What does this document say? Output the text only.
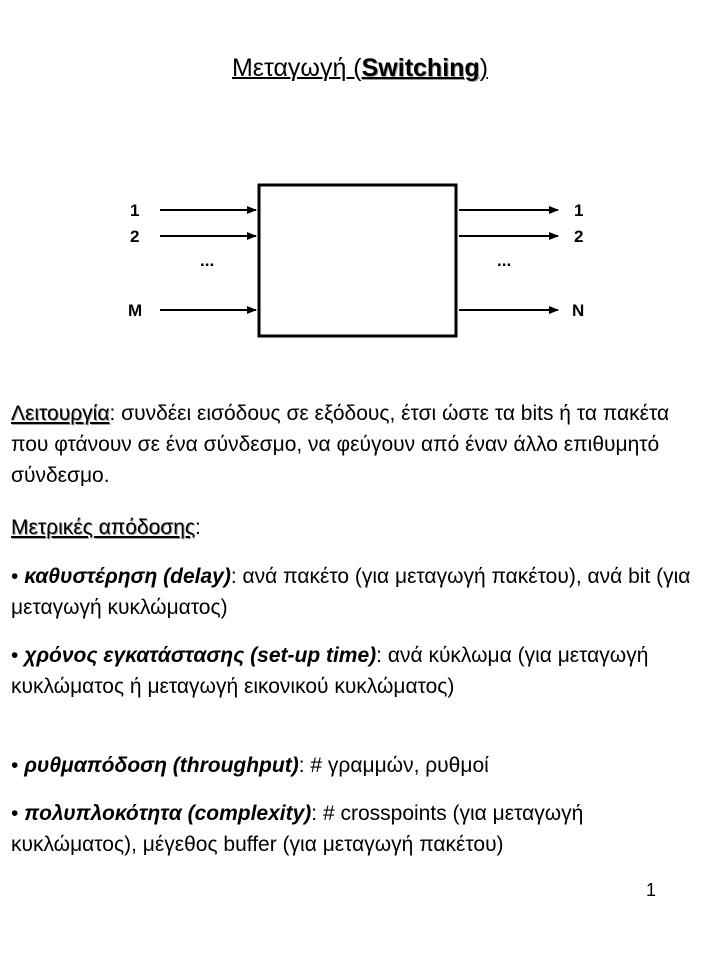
Μεταγωγή (Switching)
1
2
...
M
1
2
...
N

Λειτουργία: συνδέει εισόδους σε εξόδους, έτσι ώστε τα bits ή τα πακέτα που φτάνουν σε ένα σύνδεσμο, να φεύγουν από έναν άλλο επιθυμητό σύνδεσμο.

Μετρικές απόδοσης:

• καθυστέρηση (delay): ανά πακέτο (για μεταγωγή πακέτου), ανά bit (για μεταγωγή κυκλώματος)

• χρόνος εγκατάστασης (set-up time): ανά κύκλωμα (για μεταγωγή κυκλώματος ή μεταγωγή εικονικού κυκλώματος)

• ρυθμαπόδοση (throughput): # γραμμών, ρυθμοί

• πολυπλοκότητα (complexity): # crosspoints (για μεταγωγή κυκλώματος), μέγεθος buffer (για μεταγωγή πακέτου)

1
